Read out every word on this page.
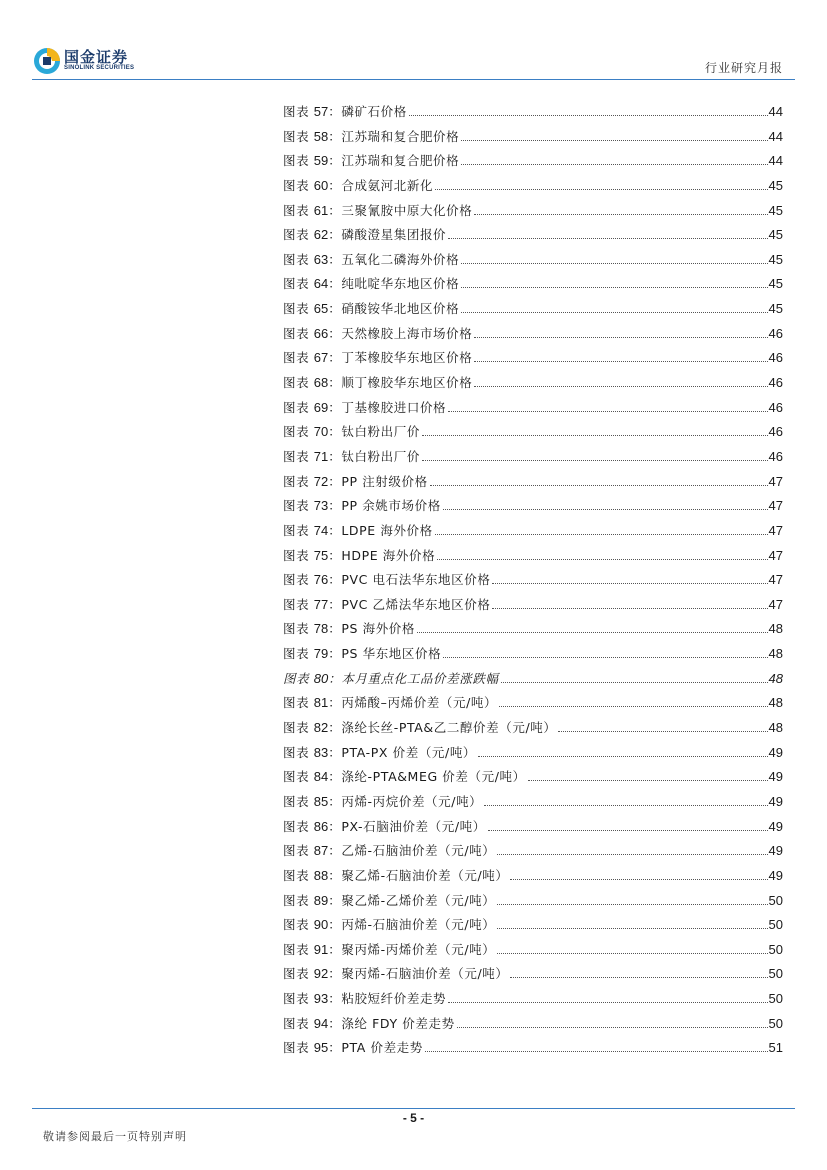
国金证券
SINOLINK SECURITIES	行业研究月报
图表 57：磷矿石价格	44
图表 58：江苏瑞和复合肥价格	44
图表 59：江苏瑞和复合肥价格	44
图表 60：合成氨河北新化	45
图表 61：三聚氰胺中原大化价格	45
图表 62：磷酸澄星集团报价	45
图表 63：五氧化二磷海外价格	45
图表 64：纯吡啶华东地区价格	45
图表 65：硝酸铵华北地区价格	45
图表 66：天然橡胶上海市场价格	46
图表 67：丁苯橡胶华东地区价格	46
图表 68：顺丁橡胶华东地区价格	46
图表 69：丁基橡胶进口价格	46
图表 70：钛白粉出厂价	46
图表 71：钛白粉出厂价	46
图表 72：PP 注射级价格	47
图表 73：PP 余姚市场价格	47
图表 74：LDPE 海外价格	47
图表 75：HDPE 海外价格	47
图表 76：PVC 电石法华东地区价格	47
图表 77：PVC 乙烯法华东地区价格	47
图表 78：PS 海外价格	48
图表 79：PS 华东地区价格	48
图表 80：本月重点化工品价差涨跌幅	48
图表 81：丙烯酸–丙烯价差（元/吨）	48
图表 82：涤纶长丝-PTA&乙二醇价差（元/吨）	48
图表 83：PTA-PX 价差（元/吨）	49
图表 84：涤纶-PTA&MEG 价差（元/吨）	49
图表 85：丙烯-丙烷价差（元/吨）	49
图表 86：PX-石脑油价差（元/吨）	49
图表 87：乙烯-石脑油价差（元/吨）	49
图表 88：聚乙烯-石脑油价差（元/吨）	49
图表 89：聚乙烯-乙烯价差（元/吨）	50
图表 90：丙烯-石脑油价差（元/吨）	50
图表 91：聚丙烯-丙烯价差（元/吨）	50
图表 92：聚丙烯-石脑油价差（元/吨）	50
图表 93：粘胶短纤价差走势	50
图表 94：涤纶 FDY 价差走势	50
图表 95：PTA 价差走势	51
- 5 -
敬请参阅最后一页特别声明
